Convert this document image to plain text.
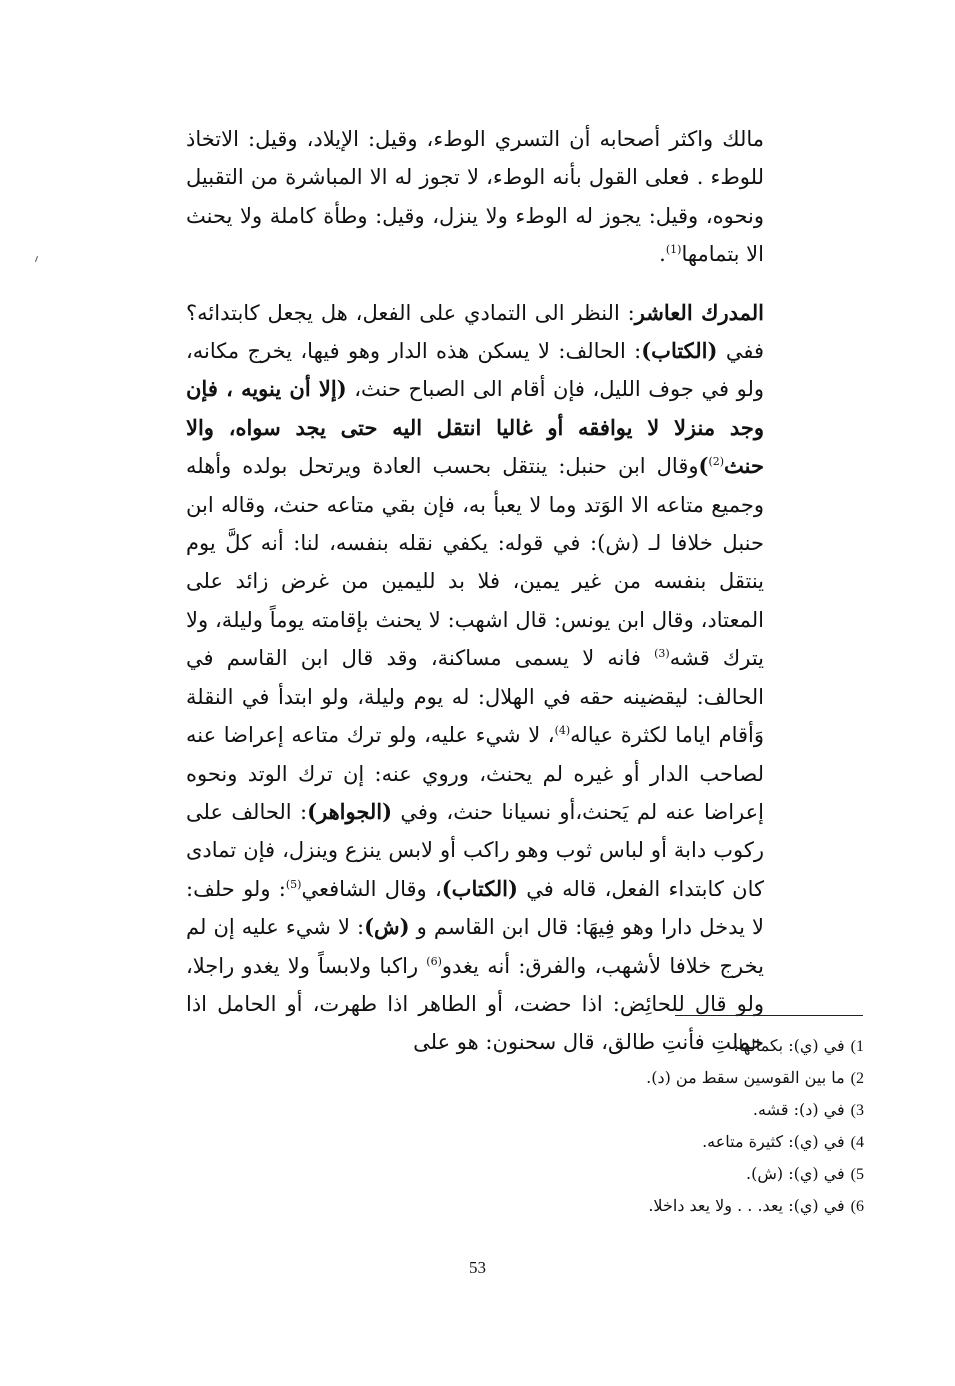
مالك واكثر أصحابه أن التسري الوطء، وقيل: الإيلاد، وقيل: الاتخاذ للوطء . فعلى القول بأنه الوطء، لا تجوز له الا المباشرة من التقبيل ونحوه، وقيل: يجوز له الوطء ولا ينزل، وقيل: وطأة كاملة ولا يحنث الا بتمامها$^{(1)}$.

المدرك العاشر: النظر الى التمادي على الفعل، هل يجعل كابتدائه؟ ففي (الكتاب): الحالف: لا يسكن هذه الدار وهو فيها، يخرج مكانه، ولو في جوف الليل، فإن أقام الى الصباح حنث، (إلا أن ينويه ، فإن وجد منزلا لا يوافقه أو غاليا انتقل اليه حتى يجد سواه، والا حنث$^{(2)}$)وقال ابن حنبل: ينتقل بحسب العادة ويرتحل بولده وأهله وجميع متاعه الا الوَتد وما لا يعبأ به، فإن بقي متاعه حنث، وقاله ابن حنبل خلافا لـ (ش): في قوله: يكفي نقله بنفسه، لنا: أنه كلَّ يوم ينتقل بنفسه من غير يمين، فلا بد لليمين من غرض زائد على المعتاد، وقال ابن يونس: قال اشهب: لا يحنث بإقامته يوماً وليلة، ولا يترك قشه$^{(3)}$ فانه لا يسمى مساكنة، وقد قال ابن القاسم في الحالف: ليقضينه حقه في الهلال: له يوم وليلة، ولو ابتدأ في النقلة وَأقام اياما لكثرة عياله$^{(4)}$، لا شيء عليه، ولو ترك متاعه إعراضا عنه لصاحب الدار أو غيره لم يحنث، وروي عنه: إن ترك الوتد ونحوه إعراضا عنه لم يَحنث،أو نسيانا حنث، وفي (الجواهر): الحالف على ركوب دابة أو لباس ثوب وهو راكب أو لابس ينزع وينزل، فإن تمادى كان كابتداء الفعل، قاله في (الكتاب)، وقال الشافعي$^{(5)}$: ولو حلف: لا يدخل دارا وهو فِيهَا: قال ابن القاسم و (ش): لا شيء عليه إن لم يخرج خلافا لأشهب، والفرق: أنه يغدو$^{(6)}$ راكبا ولابساً ولا يغدو راجلا، ولو قال للحائِض: اذا حضت، أو الطاهر اذا طهرت، أو الحامل اذا حملتِ فأنتِ طالق، قال سحنون: هو على	1)في (ي): بكمالها.
2)ما بين القوسين سقط من (د).
3)في (د): قشه.
4)في (ي): كثيرة متاعه.
5)في (ي): (ش).
6)في (ي): يعد. . . ولا يعد داخلا.
53
